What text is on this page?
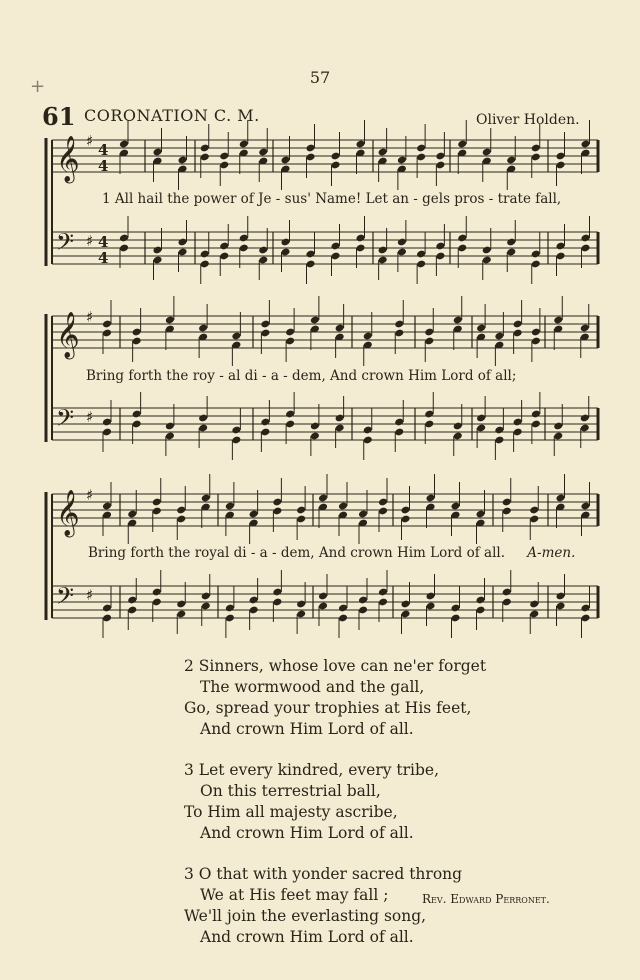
57
+
61 CORONATION C. M.	Oliver Holden.
𝄞 ♯ 4
4
𝄢 ♯ 4
4
𝄞 ♯
𝄢 ♯
𝄞 ♯
𝄢 ♯
1 All hail the power of Je - sus' Name! Let an - gels pros - trate fall,
Bring forth the roy - al di - a - dem, And crown Him Lord of all;
Bring forth the royal di - a - dem, And crown Him Lord of all. A-men.
2 Sinners, whose love can ne'er forget
The wormwood and the gall,
Go, spread your trophies at His feet,
And crown Him Lord of all.
3 Let every kindred, every tribe,
On this terrestrial ball,
To Him all majesty ascribe,
And crown Him Lord of all.
3 O that with yonder sacred throng
We at His feet may fall ;
We'll join the everlasting song,
And crown Him Lord of all.
Rev. Edward Perronet.
